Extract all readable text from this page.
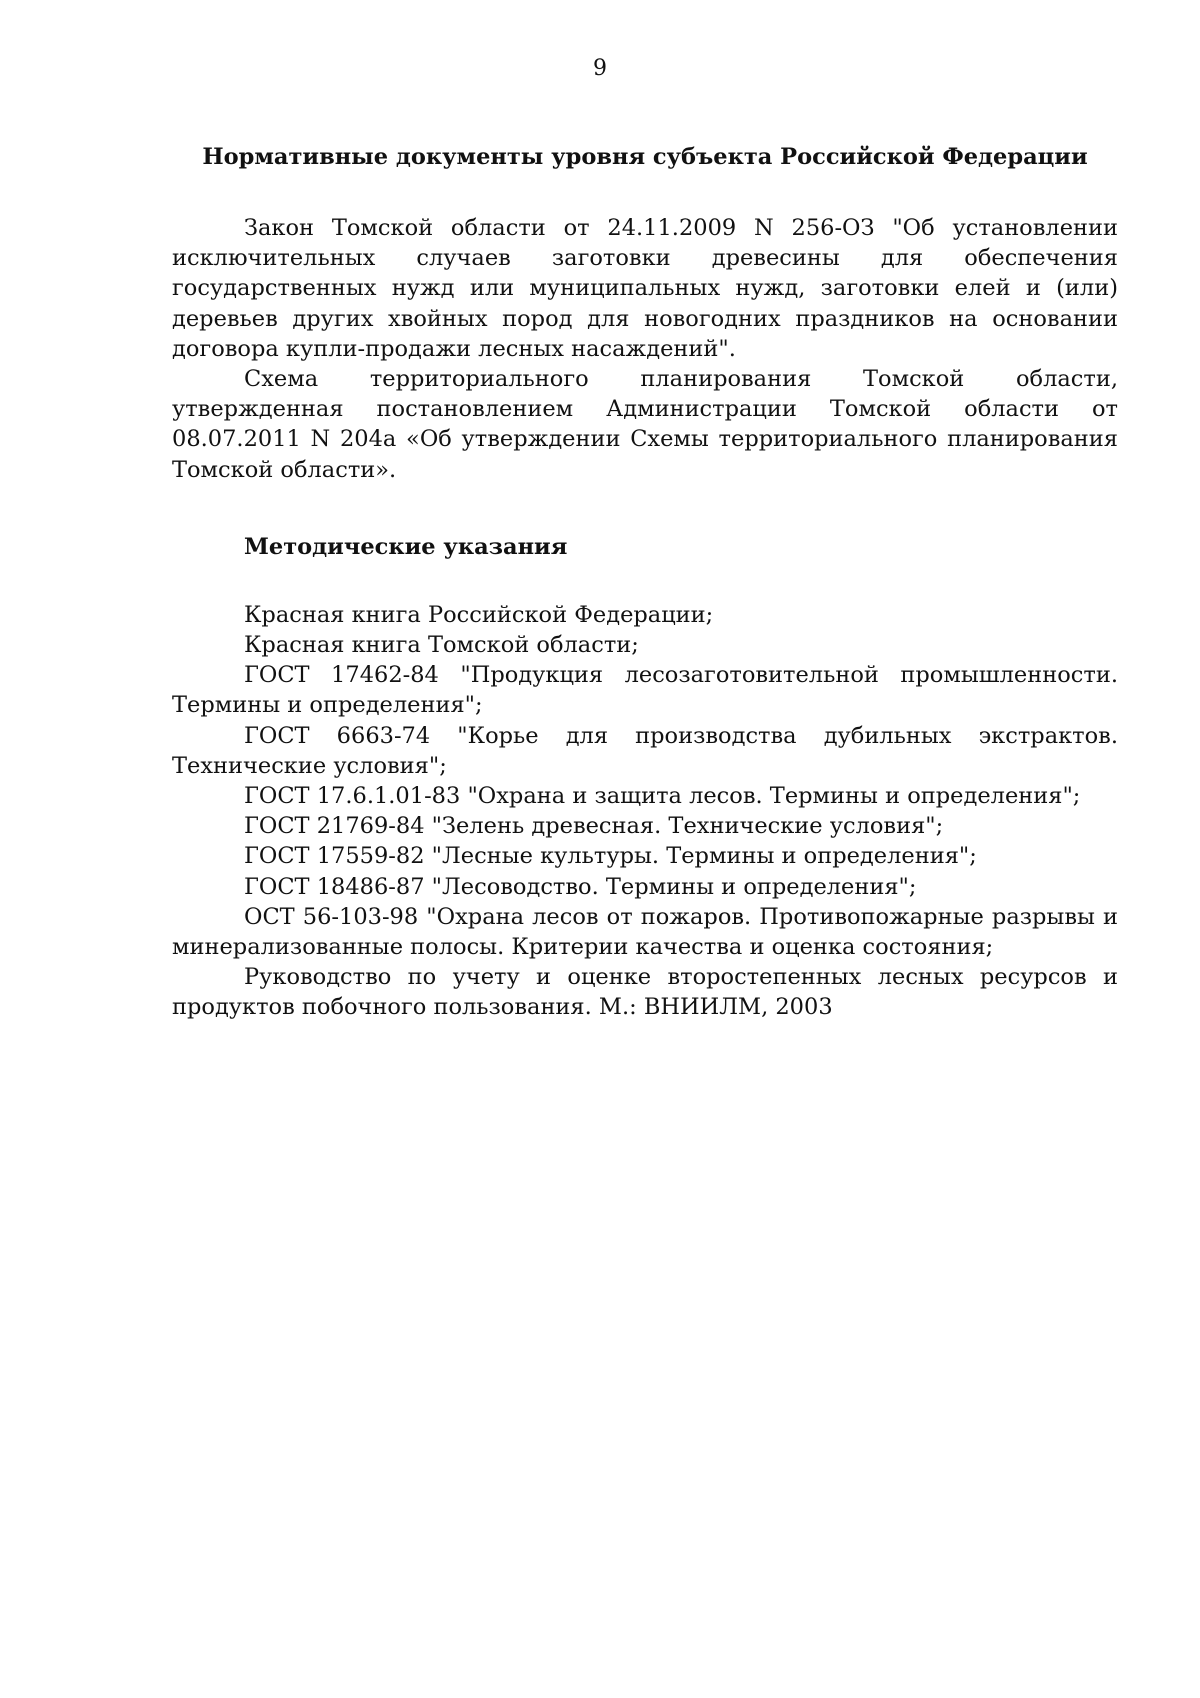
9

Нормативные документы уровня субъекта Российской Федерации

Закон Томской области от 24.11.2009 N 256-ОЗ "Об установлении исключительных случаев заготовки древесины для обеспечения государственных нужд или муниципальных нужд, заготовки елей и (или) деревьев других хвойных пород для новогодних праздников на основании договора купли-продажи лесных насаждений".

Схема территориального планирования Томской области, утвержденная постановлением Администрации Томской области от 08.07.2011 N 204а «Об утверждении Схемы территориального планирования Томской области».

Методические указания

Красная книга Российской Федерации;

Красная книга Томской области;

ГОСТ 17462-84 "Продукция лесозаготовительной промышленности. Термины и определения";

ГОСТ 6663-74 "Корье для производства дубильных экстрактов. Технические условия";

ГОСТ 17.6.1.01-83 "Охрана и защита лесов. Термины и определения";

ГОСТ 21769-84 "Зелень древесная. Технические условия";

ГОСТ 17559-82 "Лесные культуры. Термины и определения";

ГОСТ 18486-87 "Лесоводство. Термины и определения";

ОСТ 56-103-98 "Охрана лесов от пожаров. Противопожарные разрывы и минерализованные полосы. Критерии качества и оценка состояния;

Руководство по учету и оценке второстепенных лесных ресурсов и продуктов побочного пользования. М.: ВНИИЛМ, 2003
